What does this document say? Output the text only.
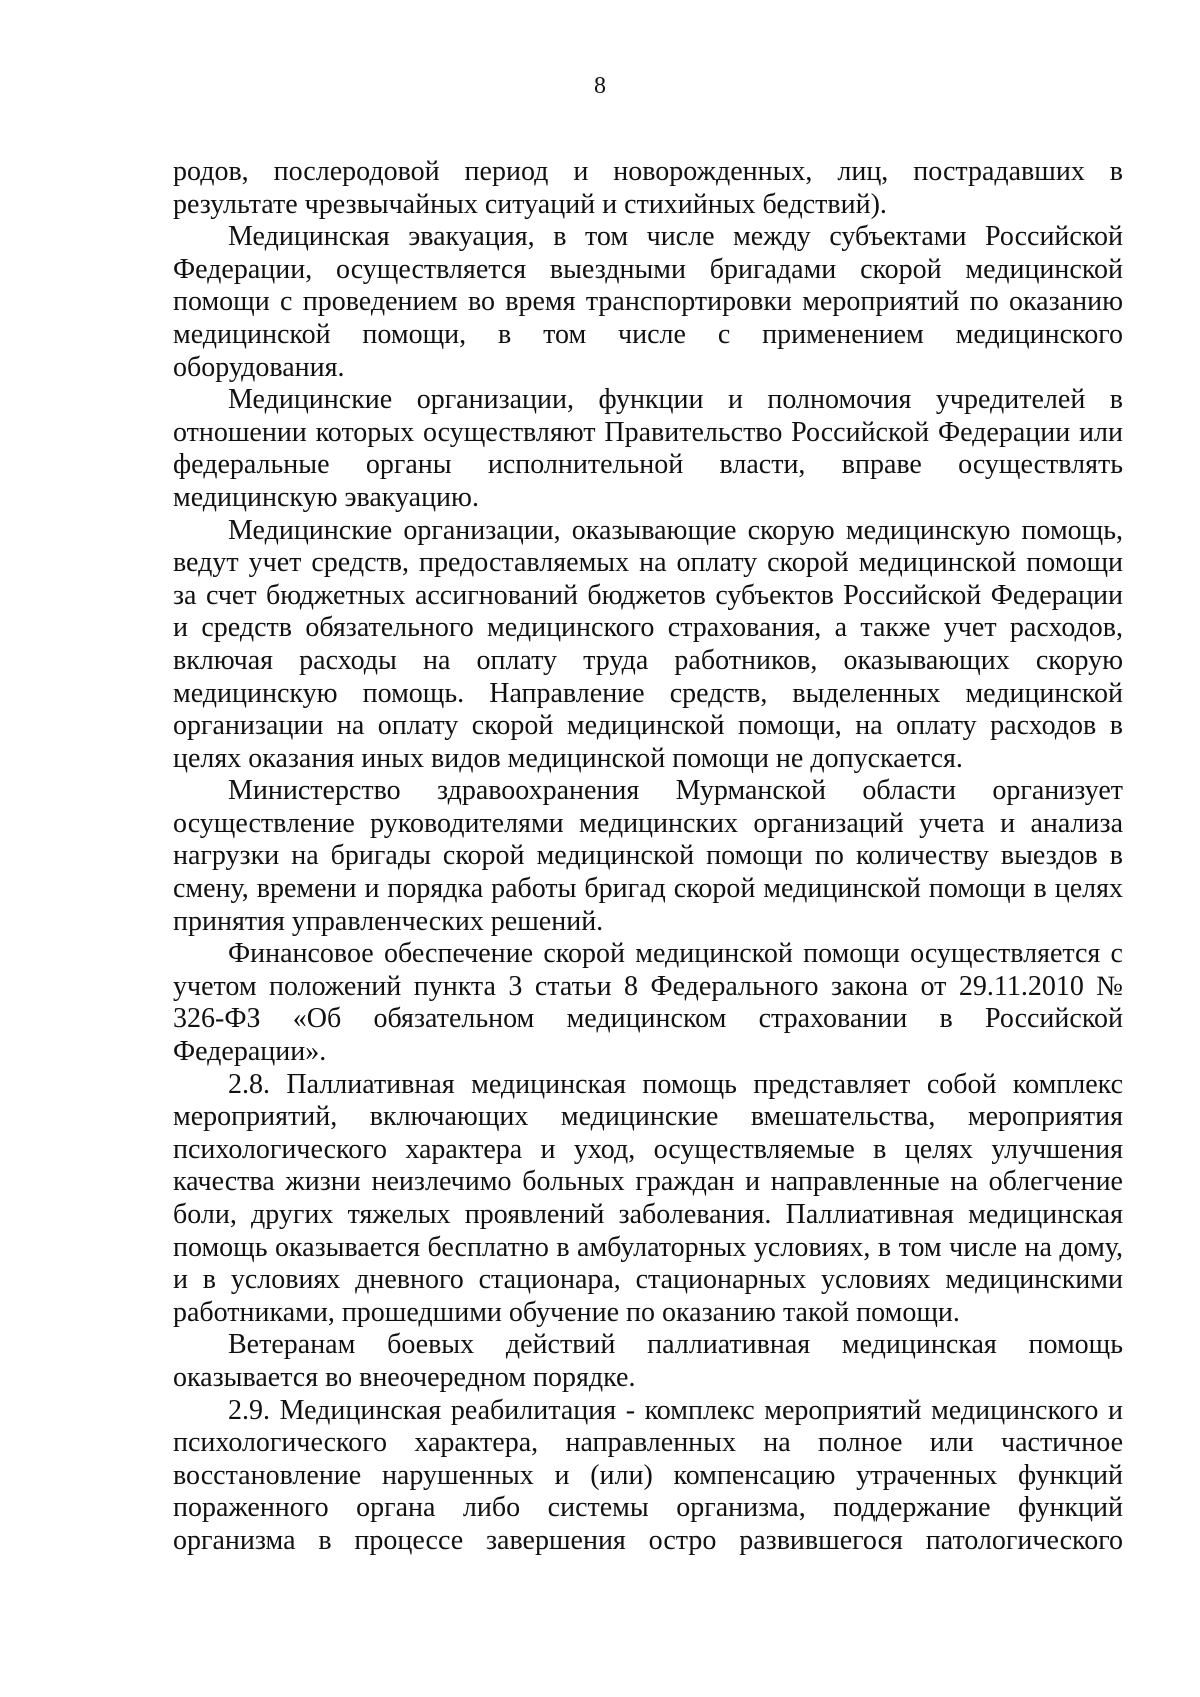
8

родов, послеродовой период и новорожденных, лиц, пострадавших в результате чрезвычайных ситуаций и стихийных бедствий).

Медицинская эвакуация, в том числе между субъектами Российской Федерации, осуществляется выездными бригадами скорой медицинской помощи с проведением во время транспортировки мероприятий по оказанию медицинской помощи, в том числе с применением медицинского оборудования.

Медицинские организации, функции и полномочия учредителей в отношении которых осуществляют Правительство Российской Федерации или федеральные органы исполнительной власти, вправе осуществлять медицинскую эвакуацию.

Медицинские организации, оказывающие скорую медицинскую помощь, ведут учет средств, предоставляемых на оплату скорой медицинской помощи за счет бюджетных ассигнований бюджетов субъектов Российской Федерации и средств обязательного медицинского страхования, а также учет расходов, включая расходы на оплату труда работников, оказывающих скорую медицинскую помощь. Направление средств, выделенных медицинской организации на оплату скорой медицинской помощи, на оплату расходов в целях оказания иных видов медицинской помощи не допускается.

Министерство здравоохранения Мурманской области организует осуществление руководителями медицинских организаций учета и анализа нагрузки на бригады скорой медицинской помощи по количеству выездов в смену, времени и порядка работы бригад скорой медицинской помощи в целях принятия управленческих решений.

Финансовое обеспечение скорой медицинской помощи осуществляется с учетом положений пункта 3 статьи 8 Федерального закона от 29.11.2010 № 326-ФЗ «Об обязательном медицинском страховании в Российской Федерации».

2.8. Паллиативная медицинская помощь представляет собой комплекс мероприятий, включающих медицинские вмешательства, мероприятия психологического характера и уход, осуществляемые в целях улучшения качества жизни неизлечимо больных граждан и направленные на облегчение боли, других тяжелых проявлений заболевания. Паллиативная медицинская помощь оказывается бесплатно в амбулаторных условиях, в том числе на дому, и в условиях дневного стационара, стационарных условиях медицинскими работниками, прошедшими обучение по оказанию такой помощи.

Ветеранам боевых действий паллиативная медицинская помощь оказывается во внеочередном порядке.

2.9. Медицинская реабилитация - комплекс мероприятий медицинского и психологического характера, направленных на полное или частичное восстановление нарушенных и (или) компенсацию утраченных функций пораженного органа либо системы организма, поддержание функций организма в процессе завершения остро развившегося патологического
